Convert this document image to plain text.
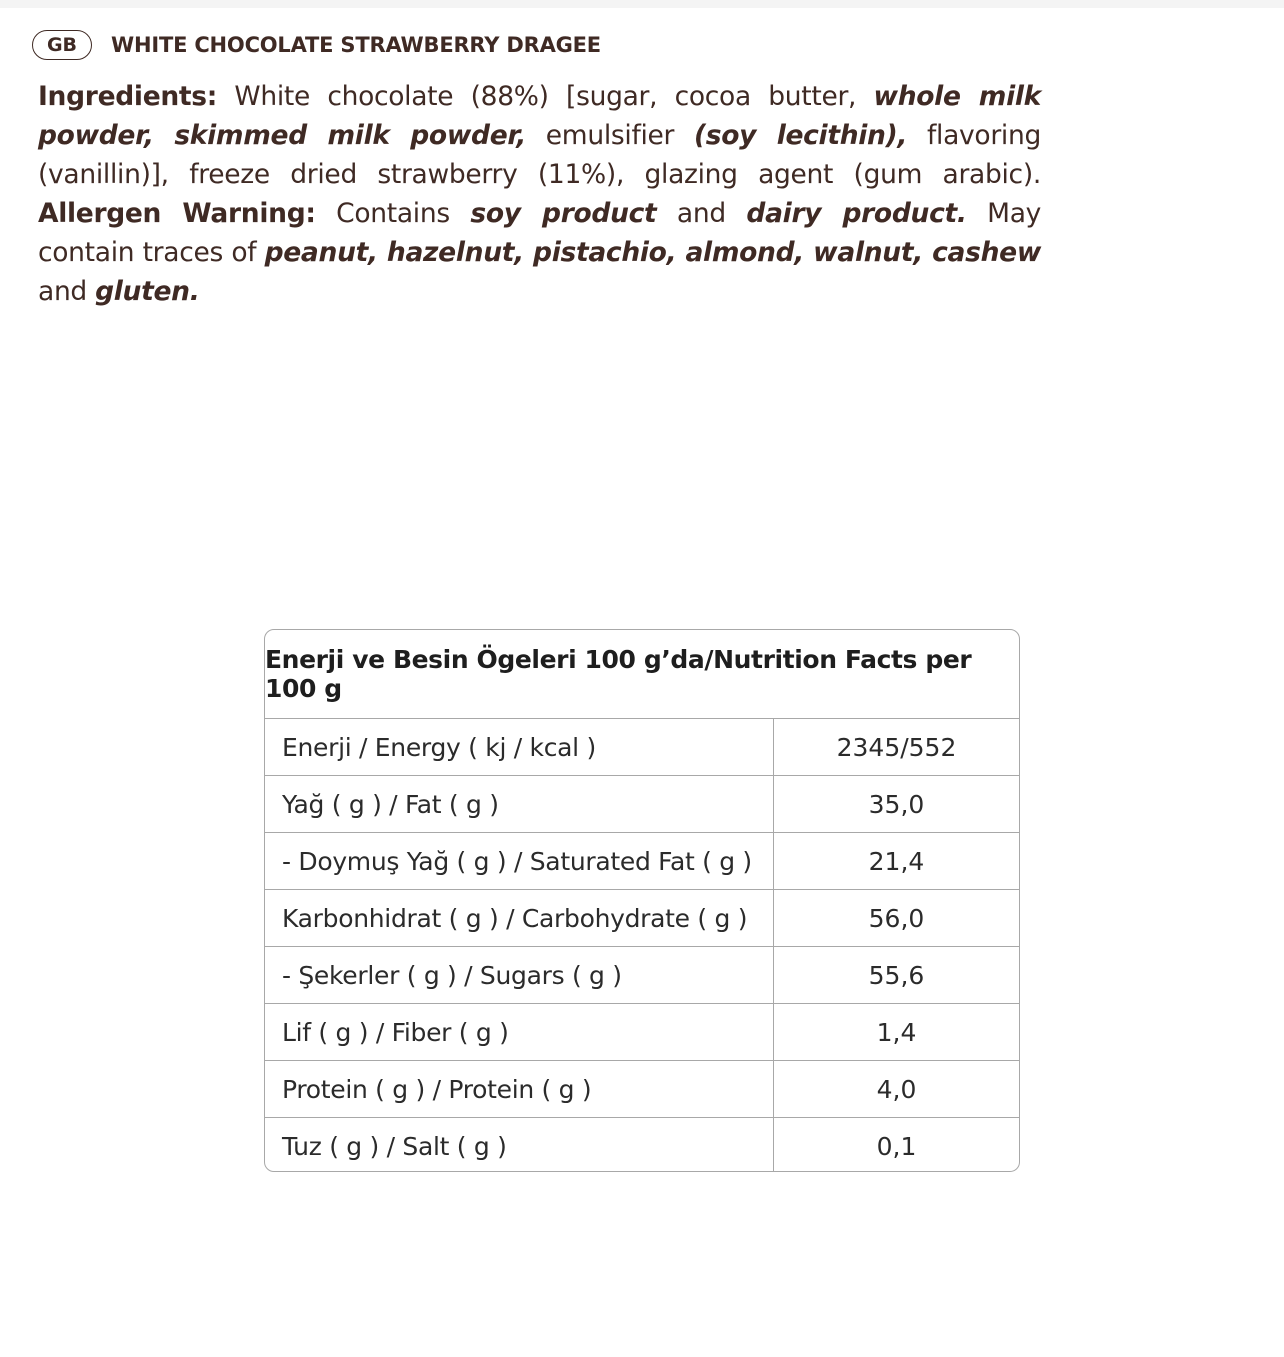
GB	WHITE CHOCOLATE STRAWBERRY DRAGEE
Ingredients: White chocolate (88%) [sugar, cocoa butter, whole milk powder, skimmed milk powder, emulsifier (soy lecithin), flavoring (vanillin)], freeze dried strawberry (11%), glazing agent (gum arabic). Allergen Warning: Contains soy product and dairy product. May contain traces of peanut, hazelnut, pistachio, almond, walnut, cashew and gluten.
Enerji ve Besin Ögeleri 100 g’da/Nutrition Facts per 100 g
Enerji / Energy ( kj / kcal )	2345/552
Yağ ( g ) / Fat ( g )	35,0
- Doymuş Yağ ( g ) / Saturated Fat ( g )	21,4
Karbonhidrat ( g ) / Carbohydrate ( g )	56,0
- Şekerler ( g ) / Sugars ( g )	55,6
Lif ( g ) / Fiber ( g )	1,4
Protein ( g ) / Protein ( g )	4,0
Tuz ( g ) / Salt ( g )	0,1
